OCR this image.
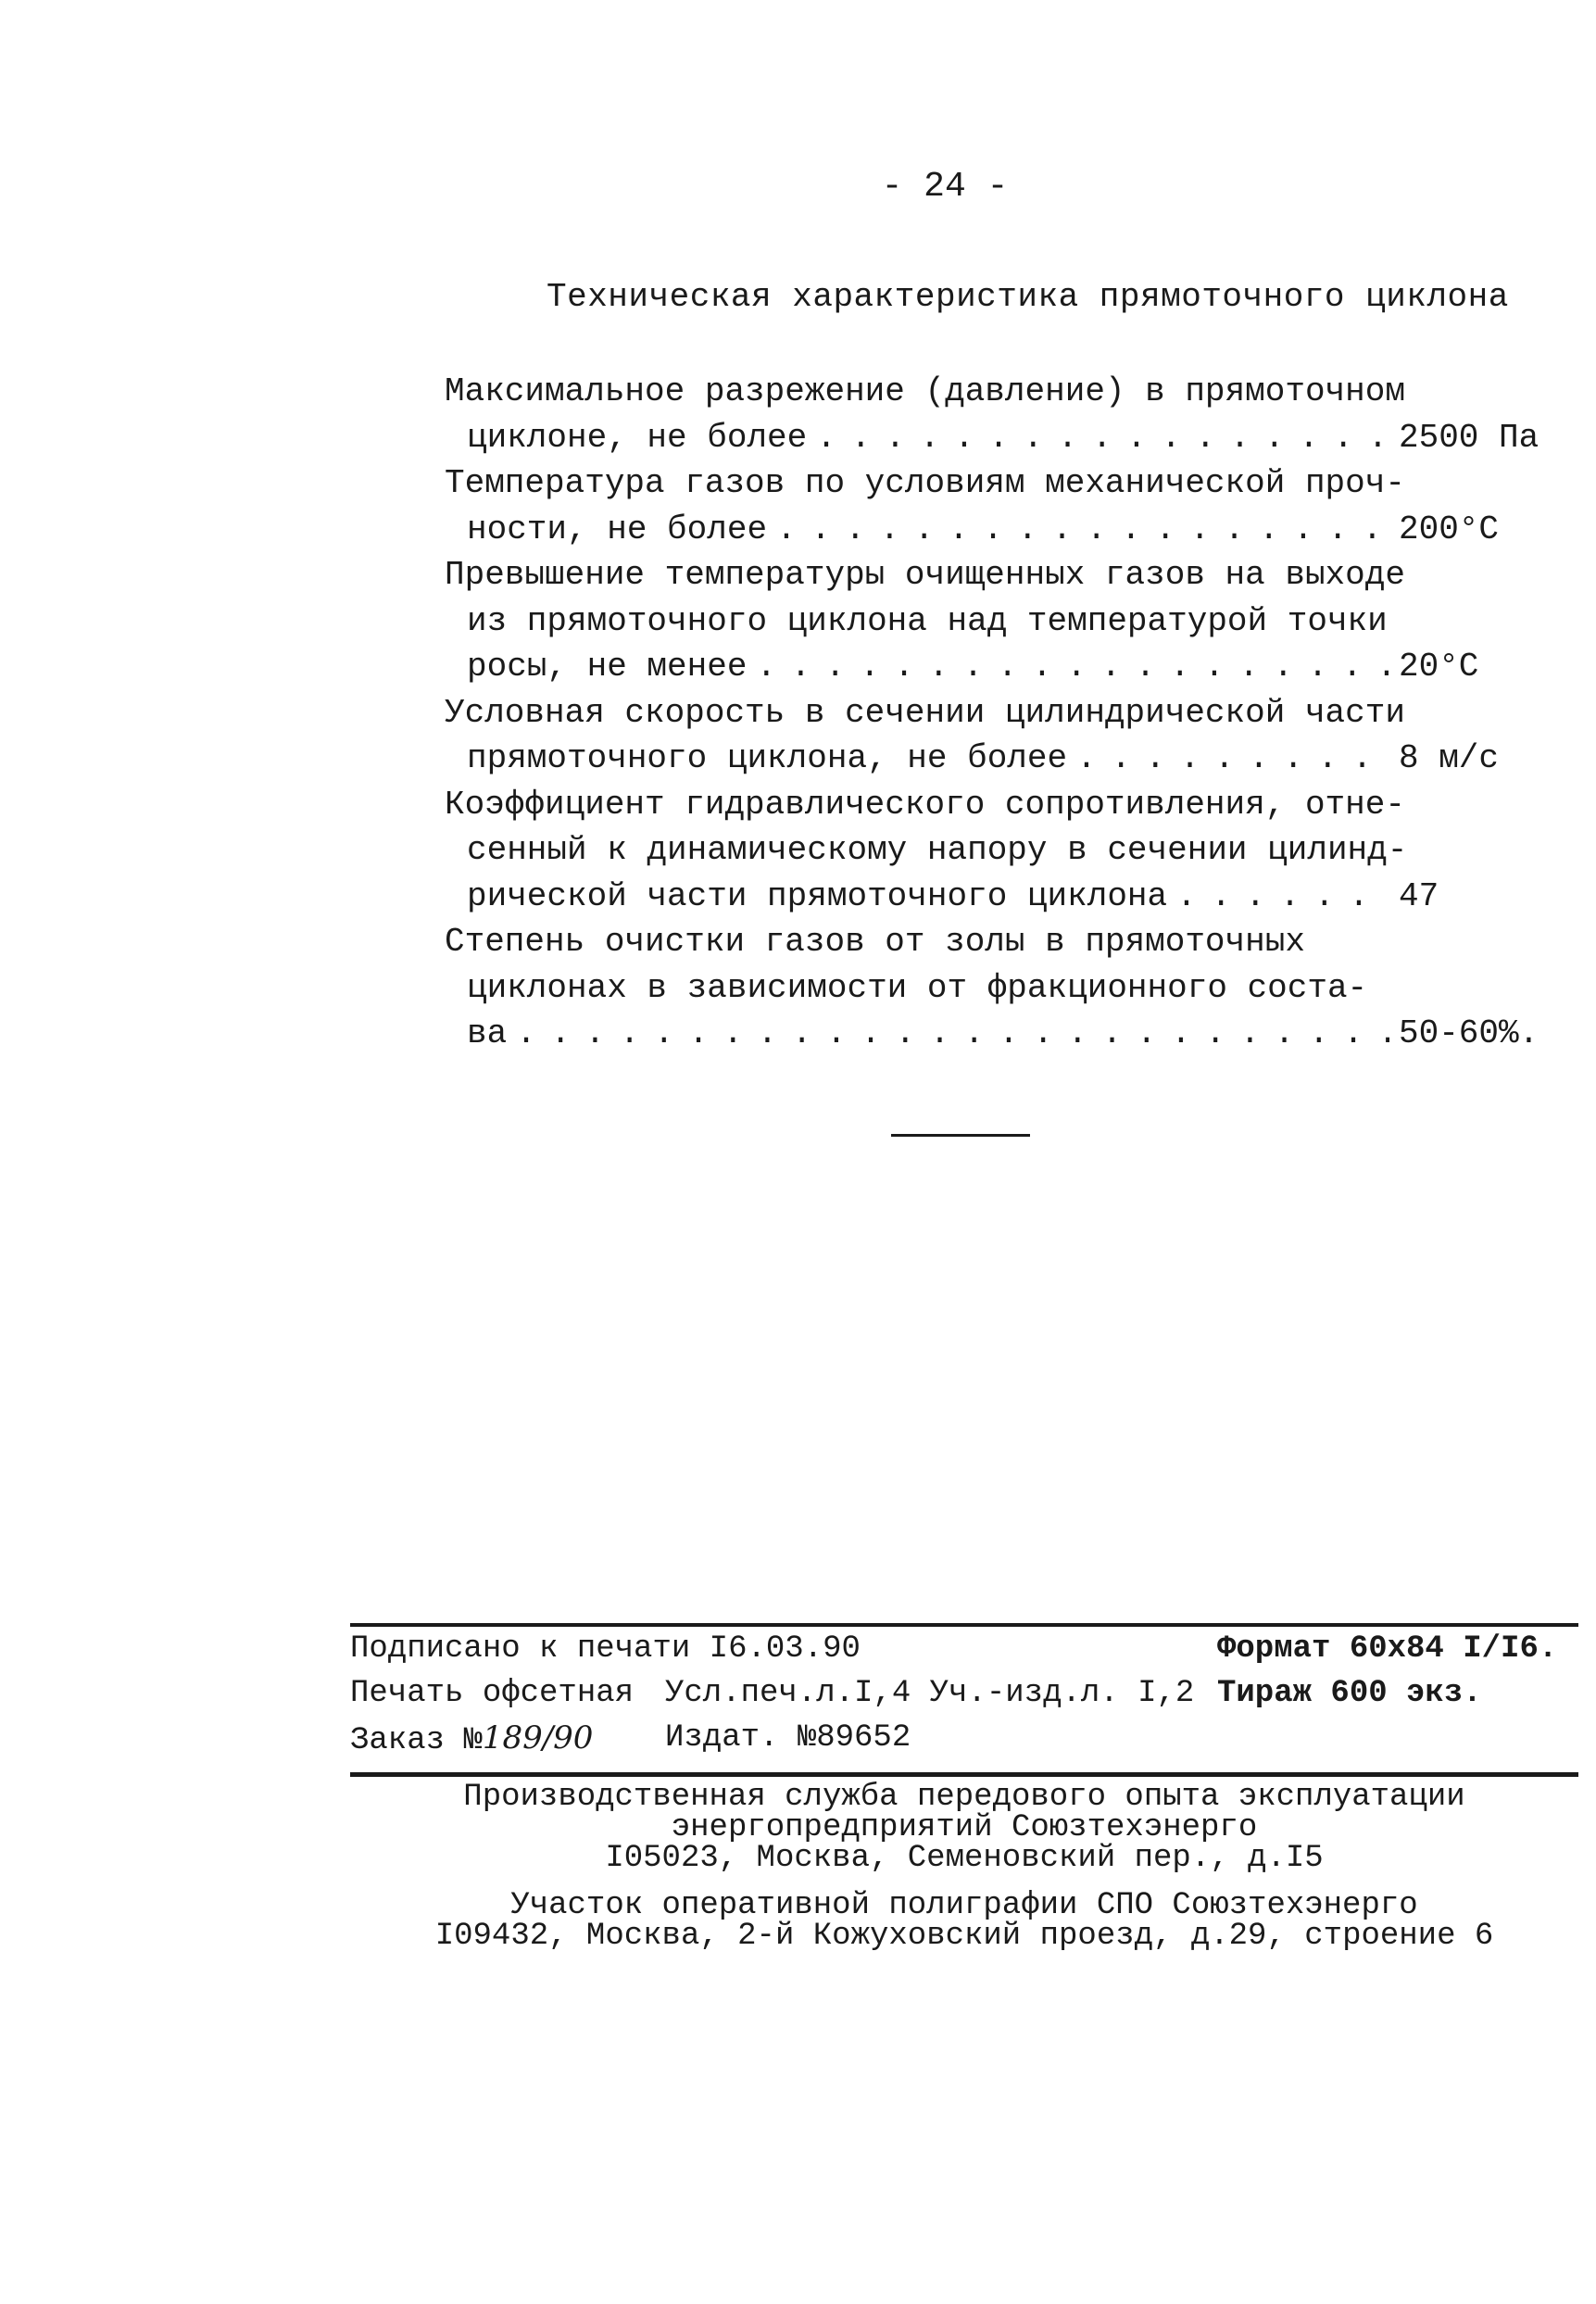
- 24 -
Техническая характеристика прямоточного циклона
Максимальное разрежение (давление) в прямоточном
циклоне, не более . . .	2500 Па
Температура газов по условиям механической проч-
ности, не более . . .	200°C
Превышение температуры очищенных газов на выходе
из прямоточного циклона над температурой точки
росы, не менее . . .	20°C
Условная скорость в сечении цилиндрической части
прямоточного циклона, не более . . .	8 м/с
Коэффициент гидравлического сопротивления, отне-
сенный к динамическому напору в сечении цилинд-
рической части прямоточного циклона . . .	47
Степень очистки газов от золы в прямоточных
циклонах в зависимости от фракционного соста-
ва . . .	50-60%.
Подписано к печати I6.03.90	Формат 60х84 I/I6.
Печать офсетная Усл.печ.л.I,4 Уч.-изд.л. I,2 Тираж 600 экз.
Заказ №189/90	Издат. №89652

Производственная служба передового опыта эксплуатации

энергопредприятий Союзтехэнерго

I05023, Москва, Семеновский пер., д.I5

Участок оперативной полиграфии СПО Союзтехэнерго

I09432, Москва, 2-й Кожуховский проезд, д.29, строение 6
